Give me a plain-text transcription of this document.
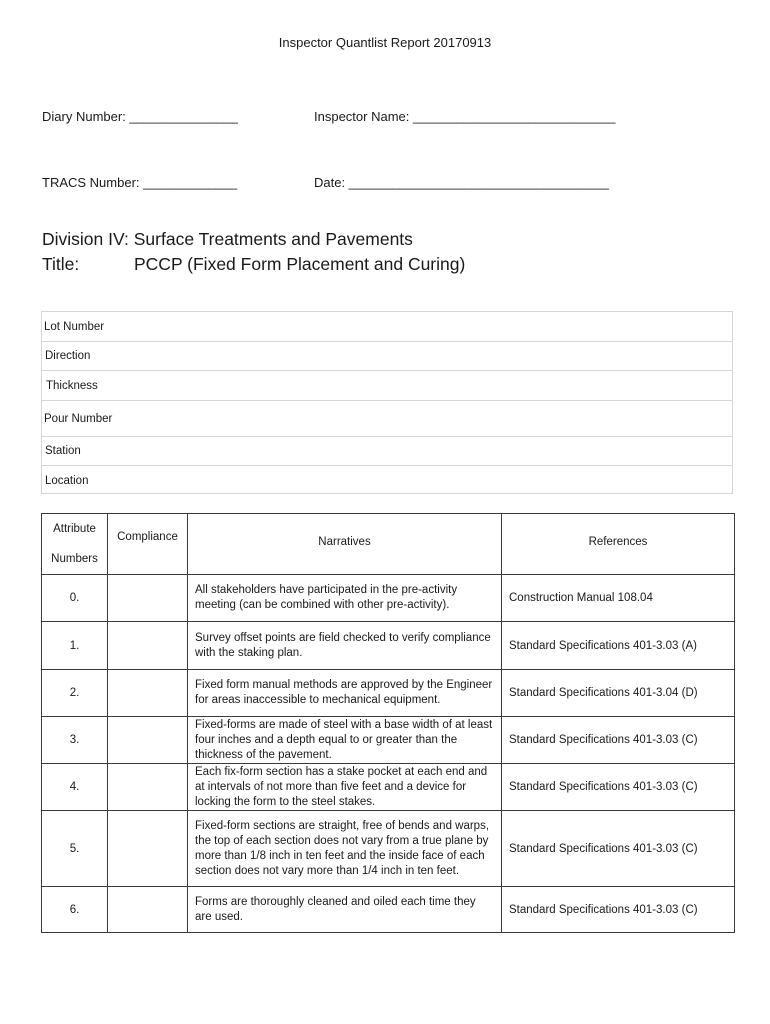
Inspector Quantlist Report 20170913
Diary Number: _______________	Inspector Name: ____________________________
TRACS Number: _____________	Date: ____________________________________
Division IV: Surface Treatments and Pavements
Title:	PCCP (Fixed Form Placement and Curing)
Lot Number
Direction
Thickness
Pour Number
Station
Location
Attribute
Numbers	Compliance	Narratives	References
0.		All stakeholders have participated in the pre-activity meeting (can be combined with other pre-activity).	Construction Manual 108.04
1.		Survey offset points are field checked to verify compliance with the staking plan.	Standard Specifications 401-3.03 (A)
2.		Fixed form manual methods are approved by the Engineer for areas inaccessible to mechanical equipment.	Standard Specifications 401-3.04 (D)
3.		Fixed-forms are made of steel with a base width of at least four inches and a depth equal to or greater than the thickness of the pavement.	Standard Specifications 401-3.03 (C)
4.		Each fix-form section has a stake pocket at each end and at intervals of not more than five feet and a device for locking the form to the steel stakes.	Standard Specifications 401-3.03 (C)
5.		Fixed-form sections are straight, free of bends and warps, the top of each section does not vary from a true plane by more than 1/8 inch in ten feet and the inside face of each section does not vary more than 1/4 inch in ten feet.	Standard Specifications 401-3.03 (C)
6.		Forms are thoroughly cleaned and oiled each time they are used.	Standard Specifications 401-3.03 (C)
